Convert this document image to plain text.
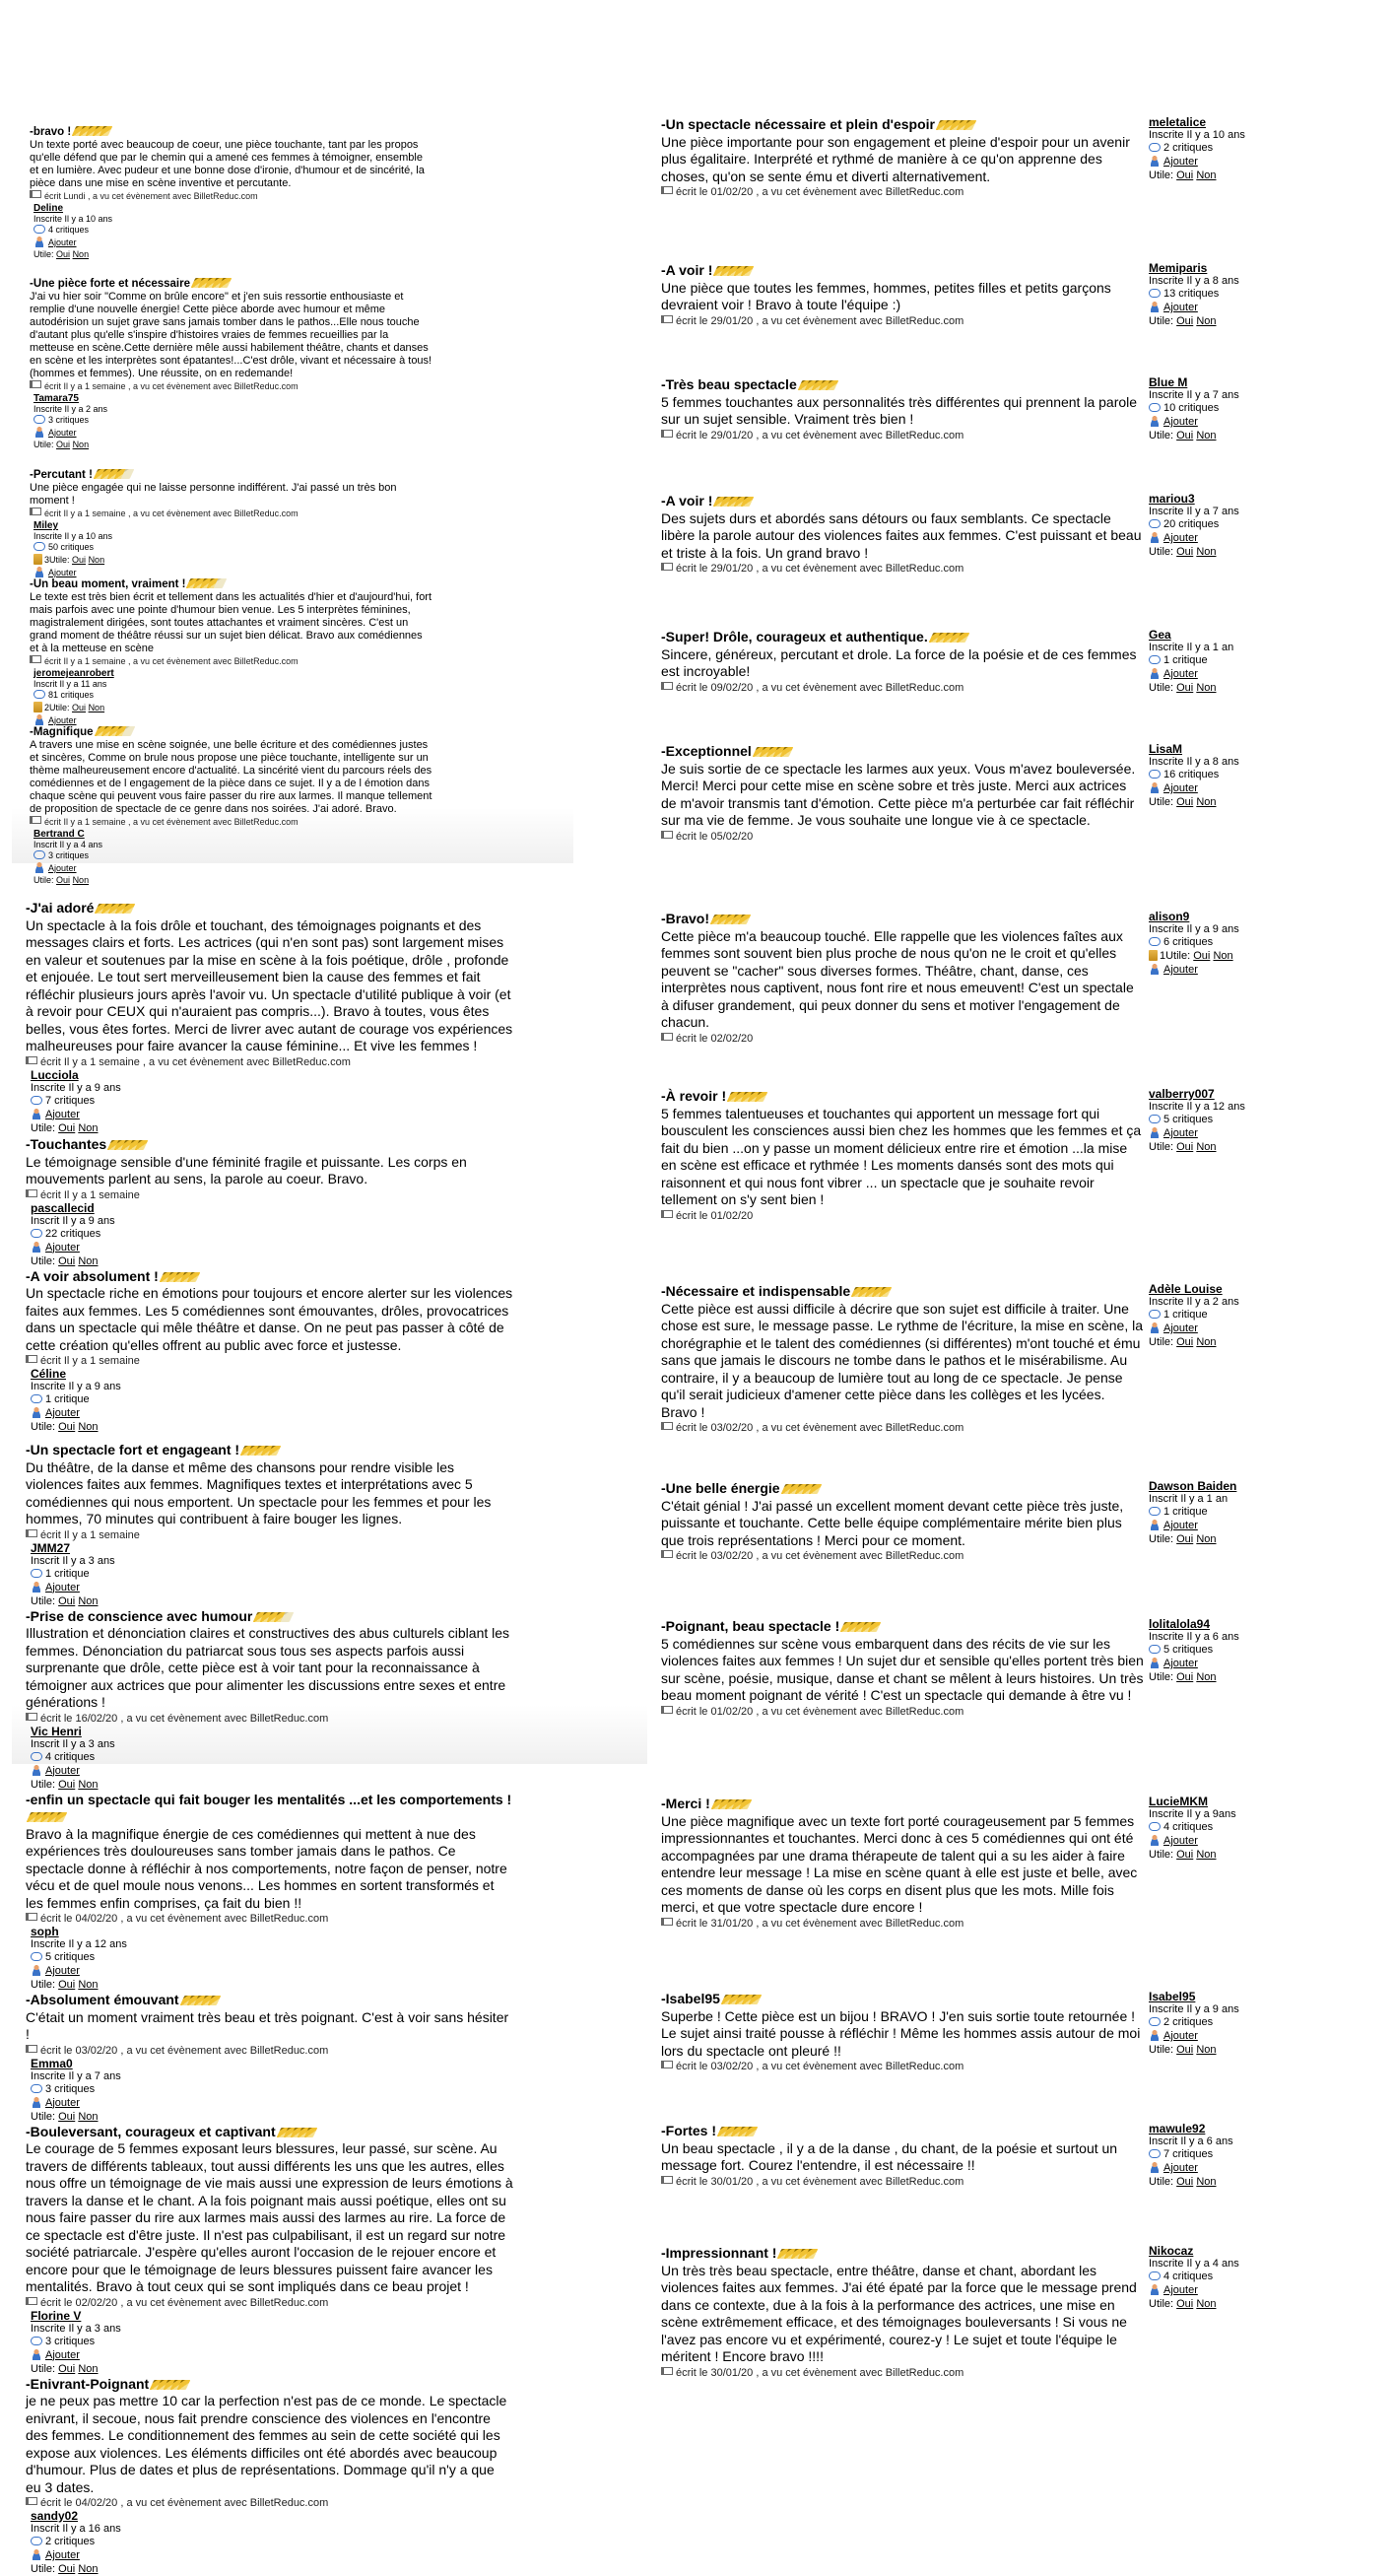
-bravo !
Un texte porté avec beaucoup de coeur, une pièce touchante, tant par les propos qu'elle défend que par le chemin qui a amené ces femmes à témoigner, ensemble et en lumière. Avec pudeur et une bonne dose d'ironie, d'humour et de sincérité, la pièce dans une mise en scène inventive et percutante.
écrit Lundi , a vu cet évènement avec BilletReduc.com
Deline
Inscrite Il y a 10 ans
4 critiques
Ajouter
Utile: Oui Non
-Une pièce forte et nécessaire
J'ai vu hier soir "Comme on brûle encore" et j'en suis ressortie enthousiaste et remplie d'une nouvelle énergie! Cette pièce aborde avec humour et même autodérision un sujet grave sans jamais tomber dans le pathos...Elle nous touche d'autant plus qu'elle s'inspire d'histoires vraies de femmes recueillies par la metteuse en scène.Cette dernière mêle aussi habilement théâtre, chants et danses en scène et les interprètes sont épatantes!...C'est drôle, vivant et nécessaire à tous!(hommes et femmes). Une réussite, on en redemande!
écrit Il y a 1 semaine , a vu cet évènement avec BilletReduc.com
Tamara75
Inscrite Il y a 2 ans
3 critiques
Ajouter
Utile: Oui Non
-Percutant !
Une pièce engagée qui ne laisse personne indifférent. J'ai passé un très bon moment !
écrit Il y a 1 semaine , a vu cet évènement avec BilletReduc.com
Miley
Inscrite Il y a 10 ans
50 critiques
3Utile: Oui Non
Ajouter
-Un beau moment, vraiment !
Le texte est très bien écrit et tellement dans les actualités d'hier et d'aujourd'hui, fort mais parfois avec une pointe d'humour bien venue. Les 5 interprètes féminines, magistralement dirigées, sont toutes attachantes et vraiment sincères. C'est un grand moment de théâtre réussi sur un sujet bien délicat. Bravo aux comédiennes et à la metteuse en scène
écrit Il y a 1 semaine , a vu cet évènement avec BilletReduc.com
jeromejeanrobert
Inscrit Il y a 11 ans
81 critiques
2Utile: Oui Non
Ajouter
-Magnifique
A travers une mise en scène soignée, une belle écriture et des comédiennes justes et sincères, Comme on brule nous propose une pièce touchante, intelligente sur un thème malheureusement encore d'actualité. La sincérité vient du parcours réels des comédiennes et de l engagement de la pièce dans ce sujet. Il y a de l émotion dans chaque scène qui peuvent vous faire passer du rire aux larmes. Il manque tellement de proposition de spectacle de ce genre dans nos soirées. J'ai adoré. Bravo.
écrit Il y a 1 semaine , a vu cet évènement avec BilletReduc.com
Bertrand C
Inscrit Il y a 4 ans
3 critiques
Ajouter
Utile: Oui Non
-J'ai adoré
Un spectacle à la fois drôle et touchant, des témoignages poignants et des messages clairs et forts. Les actrices (qui n'en sont pas) sont largement mises en valeur et soutenues par la mise en scène à la fois poétique, drôle , profonde et enjouée. Le tout sert merveilleusement bien la cause des femmes et fait réfléchir plusieurs jours après l'avoir vu. Un spectacle d'utilité publique à voir (et à revoir pour CEUX qui n'auraient pas compris...). Bravo à toutes, vous êtes belles, vous êtes fortes. Merci de livrer avec autant de courage vos expériences malheureuses pour faire avancer la cause féminine... Et vive les femmes !
écrit Il y a 1 semaine , a vu cet évènement avec BilletReduc.com
Lucciola
Inscrite Il y a 9 ans
7 critiques
Ajouter
Utile: Oui Non
-Touchantes
Le témoignage sensible d'une féminité fragile et puissante. Les corps en mouvements parlent au sens, la parole au coeur. Bravo.
écrit Il y a 1 semaine
pascallecid
Inscrit Il y a 9 ans
22 critiques
Ajouter
Utile: Oui Non
-A voir absolument !
Un spectacle riche en émotions pour toujours et encore alerter sur les violences faites aux femmes. Les 5 comédiennes sont émouvantes, drôles, provocatrices dans un spectacle qui mêle théâtre et danse. On ne peut pas passer à côté de cette création qu'elles offrent au public avec force et justesse.
écrit Il y a 1 semaine
Céline
Inscrite Il y a 9 ans
1 critique
Ajouter
Utile: Oui Non
-Un spectacle fort et engageant !
Du théâtre, de la danse et même des chansons pour rendre visible les violences faites aux femmes. Magnifiques textes et interprétations avec 5 comédiennes qui nous emportent. Un spectacle pour les femmes et pour les hommes, 70 minutes qui contribuent à faire bouger les lignes.
écrit Il y a 1 semaine
JMM27
Inscrit Il y a 3 ans
1 critique
Ajouter
Utile: Oui Non
-Prise de conscience avec humour
Illustration et dénonciation claires et constructives des abus culturels ciblant les femmes. Dénonciation du patriarcat sous tous ses aspects parfois aussi surprenante que drôle, cette pièce est à voir tant pour la reconnaissance à témoigner aux actrices que pour alimenter les discussions entre sexes et entre générations !
écrit le 16/02/20 , a vu cet évènement avec BilletReduc.com
Vic Henri
Inscrit Il y a 3 ans
4 critiques
Ajouter
Utile: Oui Non
-enfin un spectacle qui fait bouger les mentalités ...et les comportements !
Bravo à la magnifique énergie de ces comédiennes qui mettent à nue des expériences très douloureuses sans tomber jamais dans le pathos. Ce spectacle donne à réfléchir à nos comportements, notre façon de penser, notre vécu et de quel moule nous venons... Les hommes en sortent transformés et les femmes enfin comprises, ça fait du bien !!
écrit le 04/02/20 , a vu cet évènement avec BilletReduc.com
soph
Inscrite Il y a 12 ans
5 critiques
Ajouter
Utile: Oui Non
-Absolument émouvant
C'était un moment vraiment très beau et très poignant. C'est à voir sans hésiter !
écrit le 03/02/20 , a vu cet évènement avec BilletReduc.com
Emma0
Inscrite Il y a 7 ans
3 critiques
Ajouter
Utile: Oui Non
-Bouleversant, courageux et captivant
Le courage de 5 femmes exposant leurs blessures, leur passé, sur scène. Au travers de différents tableaux, tout aussi différents les uns que les autres, elles nous offre un témoignage de vie mais aussi une expression de leurs émotions à travers la danse et le chant. A la fois poignant mais aussi poétique, elles ont su nous faire passer du rire aux larmes mais aussi des larmes au rire. La force de ce spectacle est d'être juste. Il n'est pas culpabilisant, il est un regard sur notre société patriarcale. J'espère qu'elles auront l'occasion de le rejouer encore et encore pour que le témoignage de leurs blessures puissent faire avancer les mentalités. Bravo à tout ceux qui se sont impliqués dans ce beau projet !
écrit le 02/02/20 , a vu cet évènement avec BilletReduc.com
Florine V
Inscrite Il y a 3 ans
3 critiques
Ajouter
Utile: Oui Non
-Enivrant-Poignant
je ne peux pas mettre 10 car la perfection n'est pas de ce monde. Le spectacle enivrant, il secoue, nous fait prendre conscience des violences en l'encontre des femmes. Le conditionnement des femmes au sein de cette société qui les expose aux violences. Les éléments difficiles ont été abordés avec beaucoup d'humour. Plus de dates et plus de représentations. Dommage qu'il n'y a que eu 3 dates.
écrit le 04/02/20 , a vu cet évènement avec BilletReduc.com
sandy02
Inscrit Il y a 16 ans
2 critiques
Ajouter
Utile: Oui Non
-Un spectacle nécessaire et plein d'espoir
Une pièce importante pour son engagement et pleine d'espoir pour un avenir plus égalitaire. Interprété et rythmé de manière à ce qu'on apprenne des choses, qu'on se sente ému et diverti alternativement.
écrit le 01/02/20 , a vu cet évènement avec BilletReduc.com
meletalice
Inscrite Il y a 10 ans
2 critiques
Ajouter
Utile: Oui Non
-A voir !
Une pièce que toutes les femmes, hommes, petites filles et petits garçons devraient voir ! Bravo à toute l'équipe :)
écrit le 29/01/20 , a vu cet évènement avec BilletReduc.com
Memiparis
Inscrite Il y a 8 ans
13 critiques
Ajouter
Utile: Oui Non
-Très beau spectacle
5 femmes touchantes aux personnalités très différentes qui prennent la parole sur un sujet sensible. Vraiment très bien !
écrit le 29/01/20 , a vu cet évènement avec BilletReduc.com
Blue M
Inscrite Il y a 7 ans
10 critiques
Ajouter
Utile: Oui Non
-A voir !
Des sujets durs et abordés sans détours ou faux semblants. Ce spectacle libère la parole autour des violences faites aux femmes. C'est puissant et beau et triste à la fois. Un grand bravo !
écrit le 29/01/20 , a vu cet évènement avec BilletReduc.com
mariou3
Inscrite Il y a 7 ans
20 critiques
Ajouter
Utile: Oui Non
-Super! Drôle, courageux et authentique.
Sincere, généreux, percutant et drole. La force de la poésie et de ces femmes est incroyable!
écrit le 09/02/20 , a vu cet évènement avec BilletReduc.com
Gea
Inscrite Il y a 1 an
1 critique
Ajouter
Utile: Oui Non
-Exceptionnel
Je suis sortie de ce spectacle les larmes aux yeux. Vous m'avez bouleversée. Merci! Merci pour cette mise en scène sobre et très juste. Merci aux actrices de m'avoir transmis tant d'émotion. Cette pièce m'a perturbée car fait réfléchir sur ma vie de femme. Je vous souhaite une longue vie à ce spectacle.
écrit le 05/02/20
LisaM
Inscrite Il y a 8 ans
16 critiques
Ajouter
Utile: Oui Non
-Bravo!
Cette pièce m'a beaucoup touché. Elle rappelle que les violences faîtes aux femmes sont souvent bien plus proche de nous qu'on ne le croit et qu'elles peuvent se "cacher" sous diverses formes. Théâtre, chant, danse, ces interprètes nous captivent, nous font rire et nous emeuvent! C'est un spectale à difuser grandement, qui peux donner du sens et motiver l'engagement de chacun.
écrit le 02/02/20
alison9
Inscrite Il y a 9 ans
6 critiques
1Utile: Oui Non
Ajouter
-À revoir !
5 femmes talentueuses et touchantes qui apportent un message fort qui bousculent les consciences aussi bien chez les hommes que les femmes et ça fait du bien ...on y passe un moment délicieux entre rire et émotion ...la mise en scène est efficace et rythmée ! Les moments dansés sont des mots qui raisonnent et qui nous font vibrer ... un spectacle que je souhaite revoir tellement on s'y sent bien !
écrit le 01/02/20
valberry007
Inscrite Il y a 12 ans
5 critiques
Ajouter
Utile: Oui Non
-Nécessaire et indispensable
Cette pièce est aussi difficile à décrire que son sujet est difficile à traiter. Une chose est sure, le message passe. Le rythme de l'écriture, la mise en scène, la chorégraphie et le talent des comédiennes (si différentes) m'ont touché et ému sans que jamais le discours ne tombe dans le pathos et le misérabilisme. Au contraire, il y a beaucoup de lumière tout au long de ce spectacle. Je pense qu'il serait judicieux d'amener cette pièce dans les collèges et les lycées. Bravo !
écrit le 03/02/20 , a vu cet évènement avec BilletReduc.com
Adèle Louise
Inscrite Il y a 2 ans
1 critique
Ajouter
Utile: Oui Non
-Une belle énergie
C'était génial ! J'ai passé un excellent moment devant cette pièce très juste, puissante et touchante. Cette belle équipe complémentaire mérite bien plus que trois représentations ! Merci pour ce moment.
écrit le 03/02/20 , a vu cet évènement avec BilletReduc.com
Dawson Baiden
Inscrit Il y a 1 an
1 critique
Ajouter
Utile: Oui Non
-Poignant, beau spectacle !
5 comédiennes sur scène vous embarquent dans des récits de vie sur les violences faites aux femmes ! Un sujet dur et sensible qu'elles portent très bien sur scène, poésie, musique, danse et chant se mêlent à leurs histoires. Un très beau moment poignant de vérité ! C'est un spectacle qui demande à être vu !
écrit le 01/02/20 , a vu cet évènement avec BilletReduc.com
lolitalola94
Inscrite Il y a 6 ans
5 critiques
Ajouter
Utile: Oui Non
-Merci !
Une pièce magnifique avec un texte fort porté courageusement par 5 femmes impressionnantes et touchantes. Merci donc à ces 5 comédiennes qui ont été accompagnées par une drama thérapeute de talent qui a su les aider à faire entendre leur message ! La mise en scène quant à elle est juste et belle, avec ces moments de danse où les corps en disent plus que les mots. Mille fois merci, et que votre spectacle dure encore !
écrit le 31/01/20 , a vu cet évènement avec BilletReduc.com
LucieMKM
Inscrite Il y a 9ans
4 critiques
Ajouter
Utile: Oui Non
-Isabel95
Superbe ! Cette pièce est un bijou ! BRAVO ! J'en suis sortie toute retournée ! Le sujet ainsi traité pousse à réfléchir ! Même les hommes assis autour de moi lors du spectacle ont pleuré !!
écrit le 03/02/20 , a vu cet évènement avec BilletReduc.com
Isabel95
Inscrite Il y a 9 ans
2 critiques
Ajouter
Utile: Oui Non
-Fortes !
Un beau spectacle , il y a de la danse , du chant, de la poésie et surtout un message fort. Courez l'entendre, il est nécessaire !!
écrit le 30/01/20 , a vu cet évènement avec BilletReduc.com
mawule92
Inscrit Il y a 6 ans
7 critiques
Ajouter
Utile: Oui Non
-Impressionnant !
Un très très beau spectacle, entre théâtre, danse et chant, abordant les violences faites aux femmes. J'ai été épaté par la force que le message prend dans ce contexte, due à la fois à la performance des actrices, une mise en scène extrêmement efficace, et des témoignages bouleversants ! Si vous ne l'avez pas encore vu et expérimenté, courez-y ! Le sujet et toute l'équipe le méritent ! Encore bravo !!!!
écrit le 30/01/20 , a vu cet évènement avec BilletReduc.com
Nikocaz
Inscrite Il y a 4 ans
4 critiques
Ajouter
Utile: Oui Non
